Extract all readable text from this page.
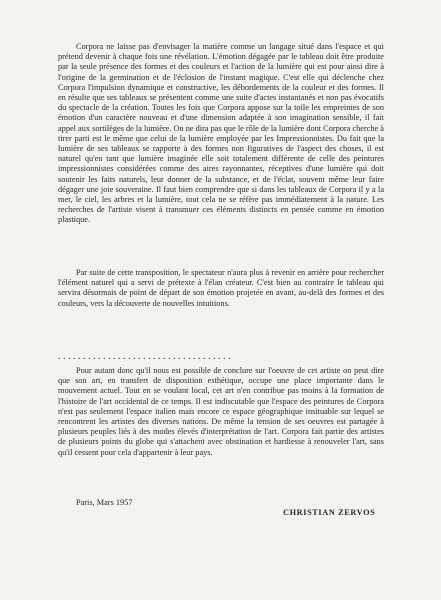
Corpora ne laisse pas d'envisager la matière comme un langage situé dans l'espace et qui prétend devenir à chaque fois une révélation. L'émotion dégagée par le tableau doit être produite par la seule présence des formes et des couleurs et l'action de la lumière qui est pour ainsi dire à l'origine de la germination et de l'éclosion de l'instant magique. C'est elle qui déclenche chez Corpora l'impulsion dynamique et constructive, les débordements de la couleur et des formes. Il en résulte que ses tableaux se présentent comme une suite d'actes instantanés et non pas évocatifs du spectacle de la création. Toutes les fois que Corpora appose sur la toile les empreintes de son émotion d'un caractère nouveau et d'une dimension adaptée à son imagination sensible, il fait appel aux sortilèges de la lumière. On ne dira pas que le rôle de la lumière dont Corpora cherche à tirer parti est le même que celui de la lumière employée par les Impressionnistes. Du fait que la lumière de ses tableaux se rapporte à des formes non figuratives de l'aspect des choses, il est naturel qu'en tant que lumière imaginée elle soit totalement différente de celle des peintures impressionnistes considérées comme des aires rayonnantes, réceptives d'une lumière qui doit soutenir les faits naturels, leur donner de la substance, et de l'éclat, souvent même leur faire dégager une joie souveraine. Il faut bien comprendre que si dans les tableaux de Corpora il y a la mer, le ciel, les arbres et la lumière, tout cela ne se réfère pas immédiatement à la nature. Les recherches de l'artiste visent à transmuer ces éléments distincts en pensée comme en émotion plastique.

Par suite de cette transposition, le spectateur n'aura plus à revenir en arrière pour rechercher l'élément naturel qui a servi de prétexte à l'élan créateur. C'est bien au contraire le tableau qui servira désormais de point de départ de son émotion projetée en avant, au-delà des formes et des couleurs, vers la découverte de nouvelles intuitions.

. . . . . . . . . . . . . . . . . . . . . . . . . . . . . . . . . . .

Pour autant donc qu'il nous est possible de conclure sur l'oeuvre de cet artiste on peut dire que son art, en transfert de disposition esthétique, occupe une place importante dans le mouvement actuel. Tout en se voulant local, cet art n'en contribue pas moins à la formation de l'histoire de l'art occidental de ce temps. Il est indiscutable que l'espace des peintures de Corpora n'est pas seulement l'espace italien mais encore ce espace géographique insituable sur lequel se rencontrent les artistes des diverses nations. De même la tension de ses oeuvres est partagée à plusieurs peuples liés à des modes élevés d'interprétation de l'art. Corpora fait partie des artistes de plusieurs points du globe qui s'attachent avec obstination et hardiesse à renouveler l'art, sans qu'il cessent pour cela d'appartenir à leur pays.

Paris, Mars 1957
CHRISTIAN ZERVOS
